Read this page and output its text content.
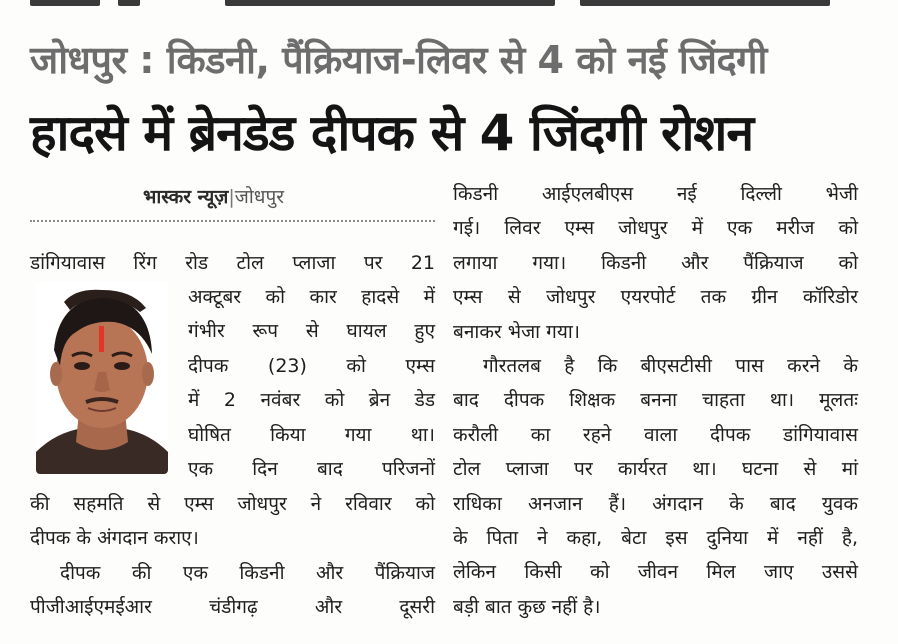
जोधपुर : किडनी, पैंक्रियाज-लिवर से 4 को नई जिंदगी
हादसे में ब्रेनडेड दीपक से 4 जिंदगी रोशन
भास्कर न्यूज़|जोधपुर
डांगियावास रिंग रोड टोल प्लाजा पर 21
अक्टूबर को कार हादसे में
गंभीर रूप से घायल हुए
दीपक (23) को एम्स
में 2 नवंबर को ब्रेन डेड
घोषित किया गया था।
एक दिन बाद परिजनों
की सहमति से एम्स जोधपुर ने रविवार को
दीपक के अंगदान कराए।
दीपक की एक किडनी और पैंक्रियाज
पीजीआईएमईआर चंडीगढ़ और दूसरी
किडनी आईएलबीएस नई दिल्ली भेजी
गई। लिवर एम्स जोधपुर में एक मरीज को
लगाया गया। किडनी और पैंक्रियाज को
एम्स से जोधपुर एयरपोर्ट तक ग्रीन कॉरिडोर
बनाकर भेजा गया।
गौरतलब है कि बीएसटीसी पास करने के
बाद दीपक शिक्षक बनना चाहता था। मूलतः
करौली का रहने वाला दीपक डांगियावास
टोल प्लाजा पर कार्यरत था। घटना से मां
राधिका अनजान हैं। अंगदान के बाद युवक
के पिता ने कहा, बेटा इस दुनिया में नहीं है,
लेकिन किसी को जीवन मिल जाए उससे
बड़ी बात कुछ नहीं है।
